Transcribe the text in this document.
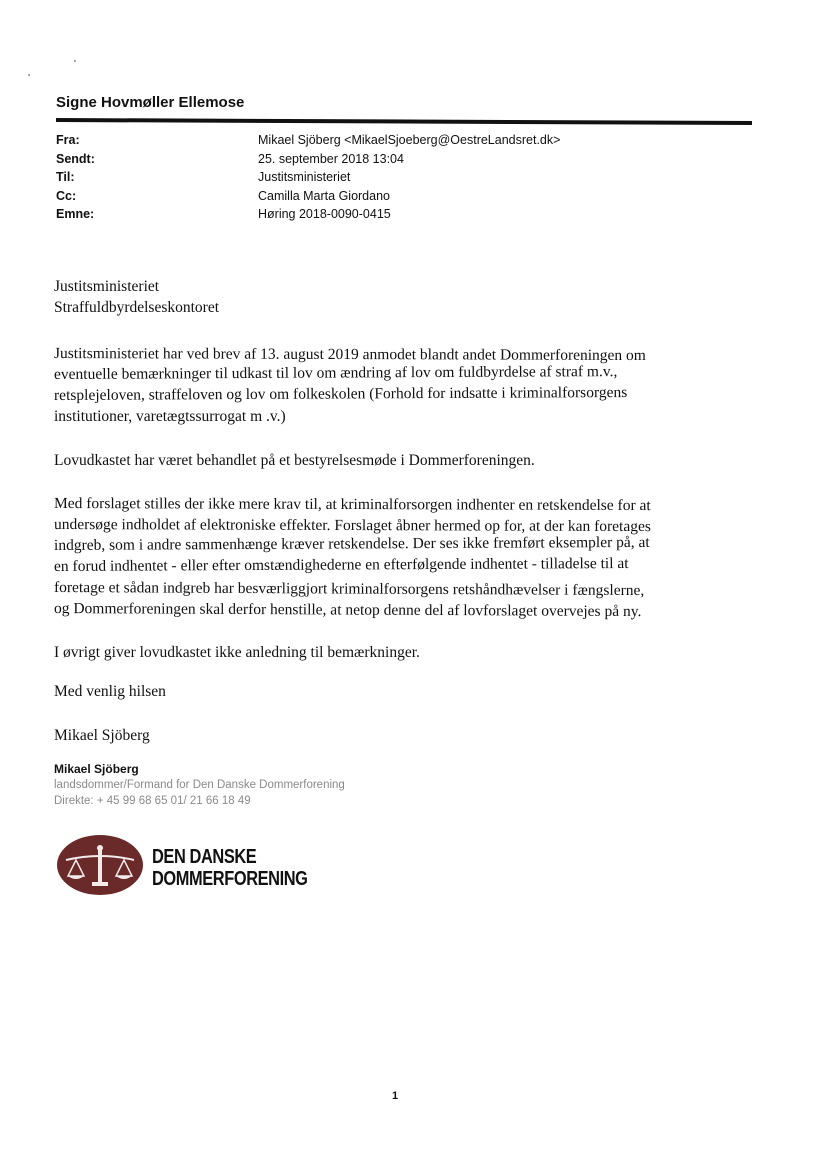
Signe Hovmøller Ellemose
Fra:	Mikael Sjöberg <MikaelSjoeberg@OestreLandsret.dk>
Sendt:	25. september 2018 13:04
Til:	Justitsministeriet
Cc:	Camilla Marta Giordano
Emne:	Høring 2018-0090-0415
Justitsministeriet
Straffuldbyrdelseskontoret
Justitsministeriet har ved brev af 13. august 2019 anmodet blandt andet Dommerforeningen om
eventuelle bemærkninger til udkast til lov om ændring af lov om fuldbyrdelse af straf m.v.,
retsplejeloven, straffeloven og lov om folkeskolen (Forhold for indsatte i kriminalforsorgens
institutioner, varetægtssurrogat m .v.)
Lovudkastet har været behandlet på et bestyrelsesmøde i Dommerforeningen.
Med forslaget stilles der ikke mere krav til, at kriminalforsorgen indhenter en retskendelse for at
undersøge indholdet af elektroniske effekter. Forslaget åbner hermed op for, at der kan foretages
indgreb, som i andre sammenhænge kræver retskendelse. Der ses ikke fremført eksempler på, at
en forud indhentet - eller efter omstændighederne en efterfølgende indhentet - tilladelse til at
foretage et sådan indgreb har besværliggjort kriminalforsorgens retshåndhævelser i fængslerne,
og Dommerforeningen skal derfor henstille, at netop denne del af lovforslaget overvejes på ny.
I øvrigt giver lovudkastet ikke anledning til bemærkninger.
Med venlig hilsen
Mikael Sjöberg
Mikael Sjöberg
landsdommer/Formand for Den Danske Dommerforening
Direkte: + 45 99 68 65 01/ 21 66 18 49
DEN DANSKE
DOMMERFORENING
1
